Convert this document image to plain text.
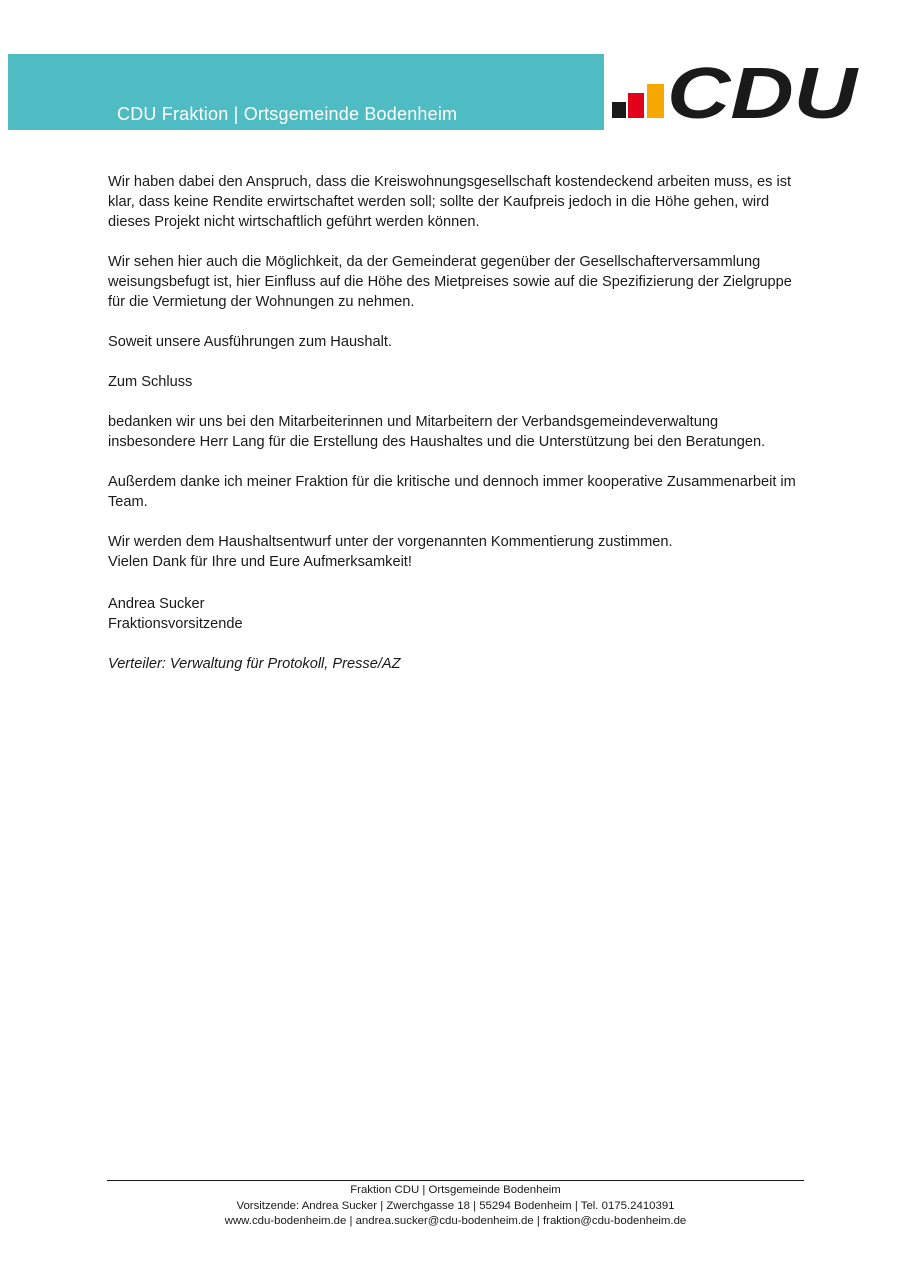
CDU Fraktion | Ortsgemeinde Bodenheim	CDU

Wir haben dabei den Anspruch, dass die Kreiswohnungsgesellschaft kostendeckend arbeiten muss, es ist klar, dass keine Rendite erwirtschaftet werden soll; sollte der Kaufpreis jedoch in die Höhe gehen, wird dieses Projekt nicht wirtschaftlich geführt werden können.

Wir sehen hier auch die Möglichkeit, da der Gemeinderat gegenüber der Gesellschafterversammlung weisungsbefugt ist, hier Einfluss auf die Höhe des Mietpreises sowie auf die Spezifizierung der Zielgruppe für die Vermietung der Wohnungen zu nehmen.

Soweit unsere Ausführungen zum Haushalt.

Zum Schluss

bedanken wir uns bei den Mitarbeiterinnen und Mitarbeitern der Verbandsgemeindeverwaltung insbesondere Herr Lang für die Erstellung des Haushaltes und die Unterstützung bei den Beratungen.

Außerdem danke ich meiner Fraktion für die kritische und dennoch immer kooperative Zusammenarbeit im Team.

Wir werden dem Haushaltsentwurf unter der vorgenannten Kommentierung zustimmen.

Vielen Dank für Ihre und Eure Aufmerksamkeit!

Andrea Sucker

Fraktionsvorsitzende

Verteiler: Verwaltung für Protokoll, Presse/AZ

Fraktion CDU | Ortsgemeinde Bodenheim
Vorsitzende: Andrea Sucker | Zwerchgasse 18 | 55294 Bodenheim | Tel. 0175.2410391
www.cdu-bodenheim.de | andrea.sucker@cdu-bodenheim.de | fraktion@cdu-bodenheim.de
